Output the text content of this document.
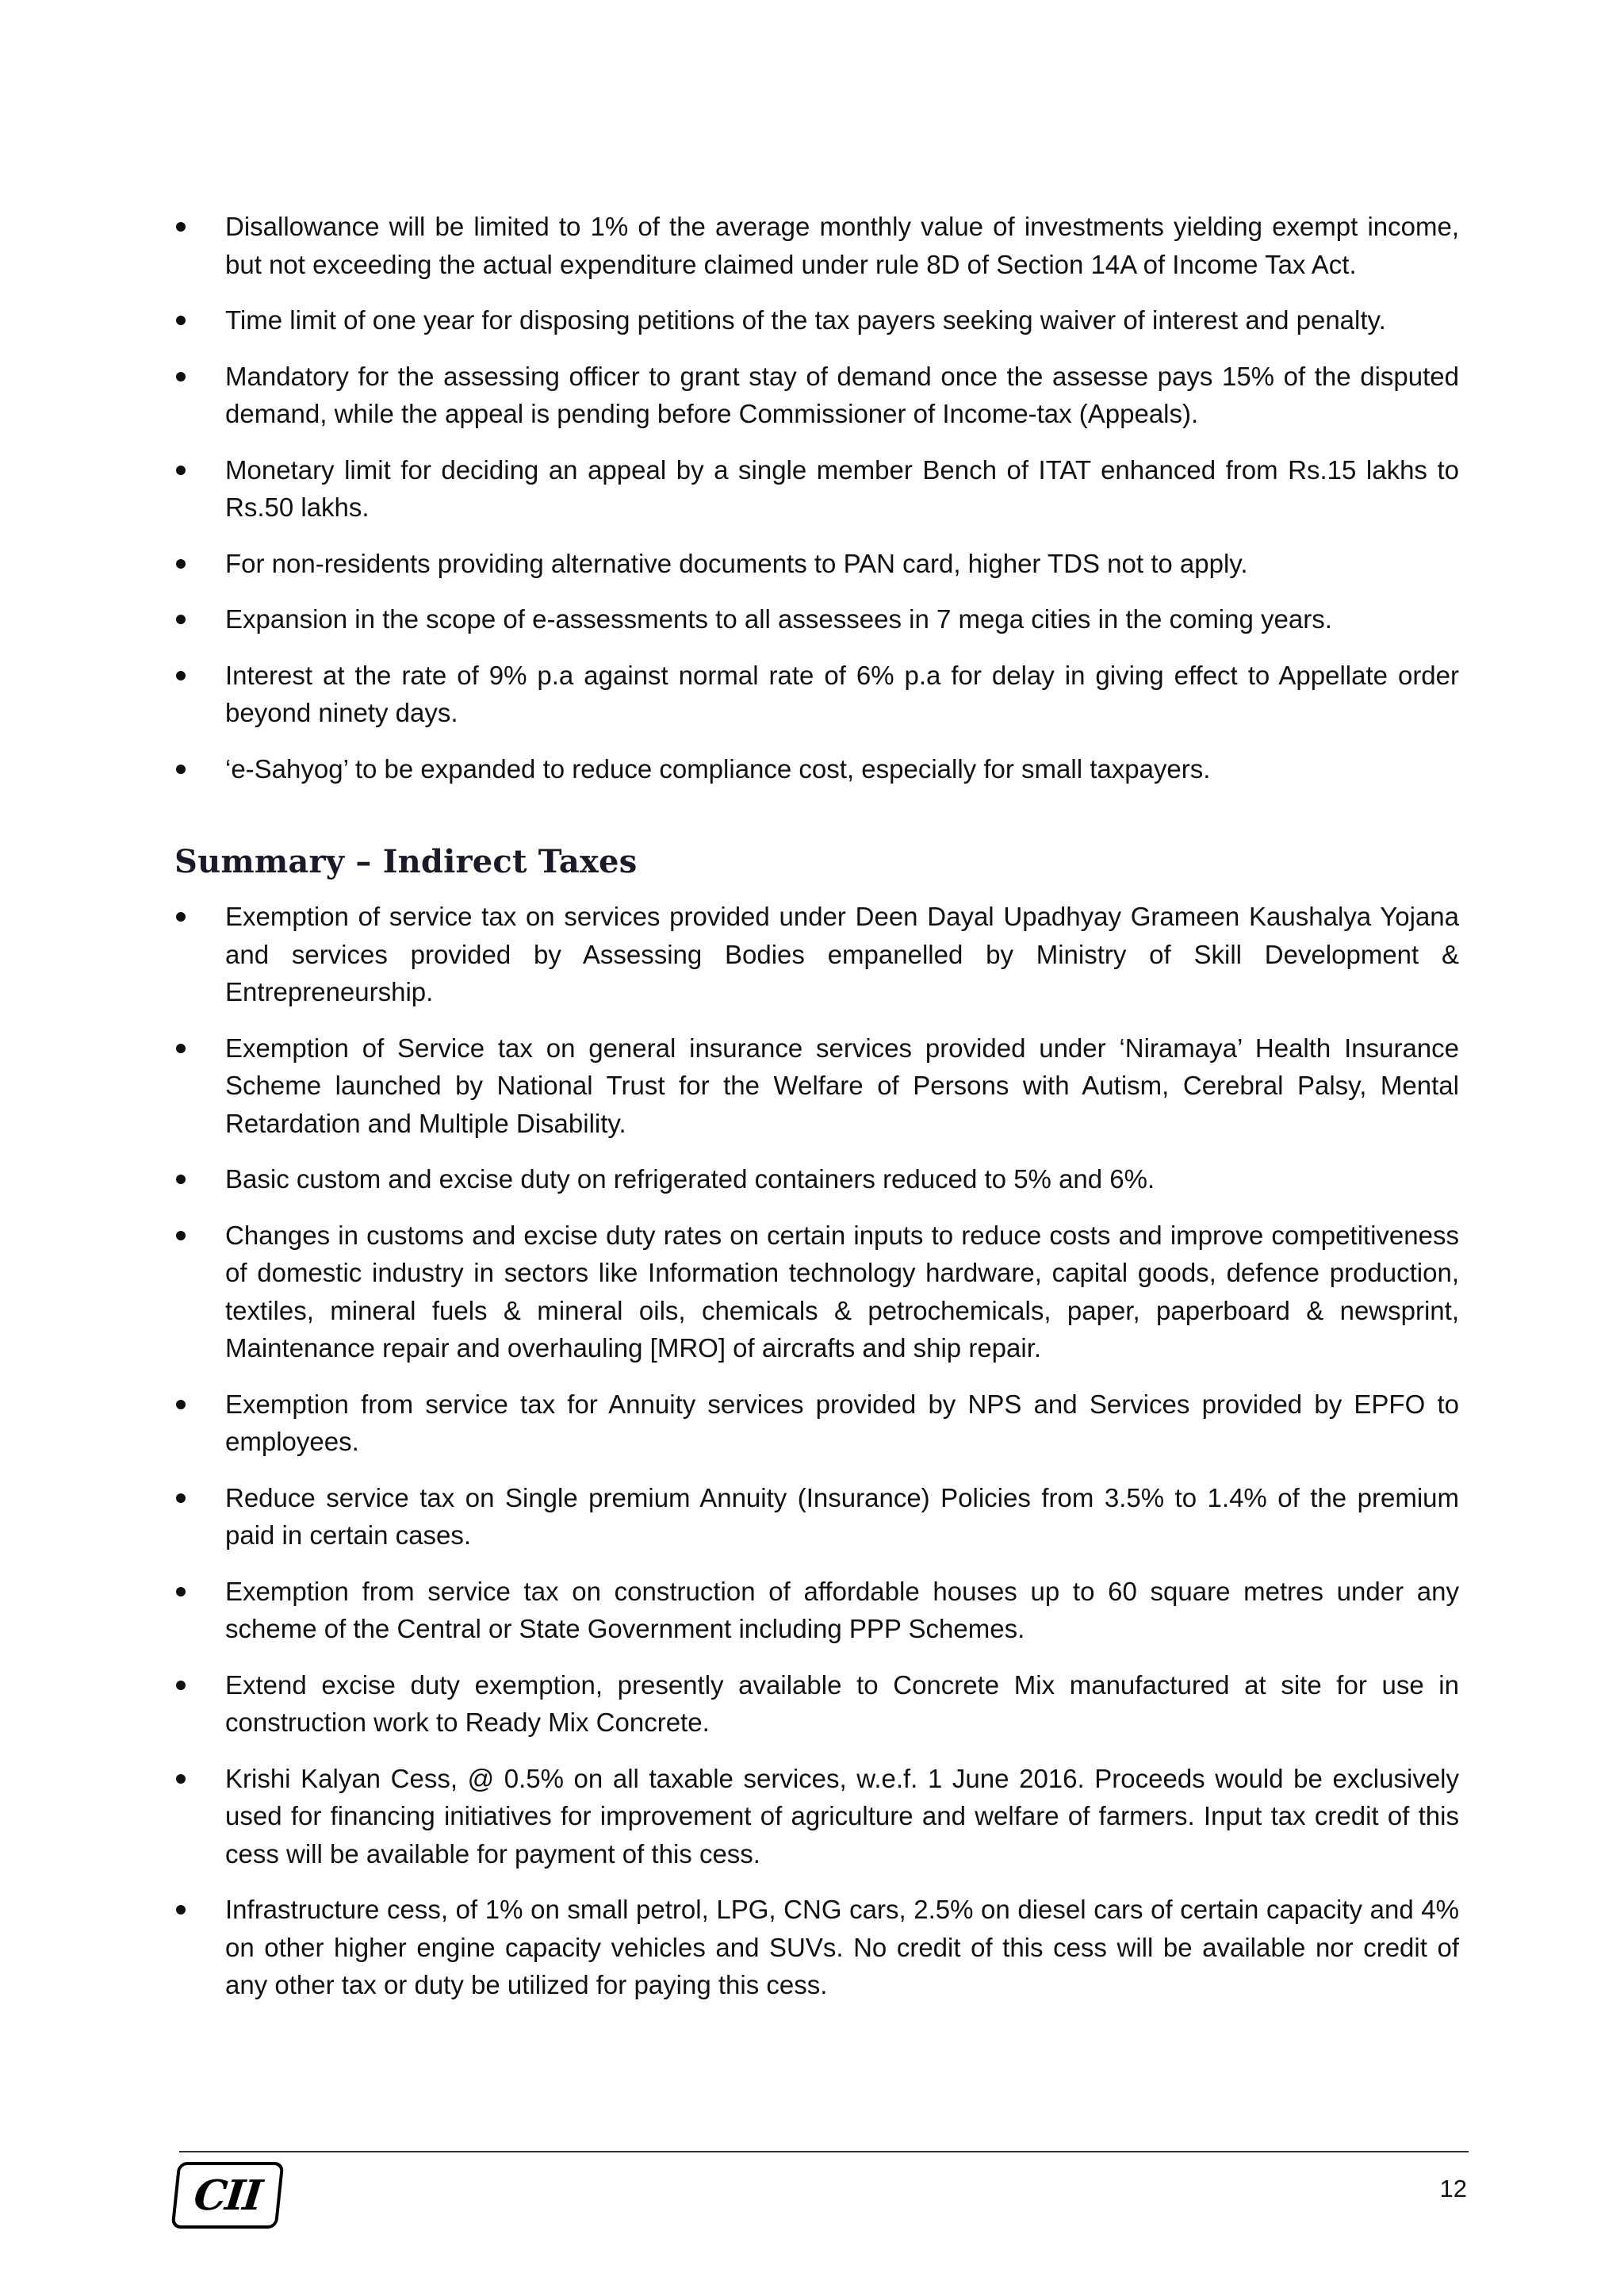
Disallowance will be limited to 1% of the average monthly value of investments yielding exempt income, but not exceeding the actual expenditure claimed under rule 8D of Section 14A of Income Tax Act.
Time limit of one year for disposing petitions of the tax payers seeking waiver of interest and penalty.
Mandatory for the assessing officer to grant stay of demand once the assesse pays 15% of the disputed demand, while the appeal is pending before Commissioner of Income-tax (Appeals).
Monetary limit for deciding an appeal by a single member Bench of ITAT enhanced from Rs.15 lakhs to Rs.50 lakhs.
For non-residents providing alternative documents to PAN card, higher TDS not to apply.
Expansion in the scope of e-assessments to all assessees in 7 mega cities in the coming years.
Interest at the rate of 9% p.a against normal rate of 6% p.a for delay in giving effect to Appellate order beyond ninety days.
‘e-Sahyog’ to be expanded to reduce compliance cost, especially for small taxpayers.
Summary – Indirect Taxes
Exemption of service tax on services provided under Deen Dayal Upadhyay Grameen Kaushalya Yojana and services provided by Assessing Bodies empanelled by Ministry of Skill Development & Entrepreneurship.
Exemption of Service tax on general insurance services provided under ‘Niramaya’ Health Insurance Scheme launched by National Trust for the Welfare of Persons with Autism, Cerebral Palsy, Mental Retardation and Multiple Disability.
Basic custom and excise duty on refrigerated containers reduced to 5% and 6%.
Changes in customs and excise duty rates on certain inputs to reduce costs and improve competitiveness of domestic industry in sectors like Information technology hardware, capital goods, defence production, textiles, mineral fuels & mineral oils, chemicals & petrochemicals, paper, paperboard & newsprint, Maintenance repair and overhauling [MRO] of aircrafts and ship repair.
Exemption from service tax for Annuity services provided by NPS and Services provided by EPFO to employees.
Reduce service tax on Single premium Annuity (Insurance) Policies from 3.5% to 1.4% of the premium paid in certain cases.
Exemption from service tax on construction of affordable houses up to 60 square metres under any scheme of the Central or State Government including PPP Schemes.
Extend excise duty exemption, presently available to Concrete Mix manufactured at site for use in construction work to Ready Mix Concrete.
Krishi Kalyan Cess, @ 0.5% on all taxable services, w.e.f. 1 June 2016. Proceeds would be exclusively used for financing initiatives for improvement of agriculture and welfare of farmers. Input tax credit of this cess will be available for payment of this cess.
Infrastructure cess, of 1% on small petrol, LPG, CNG cars, 2.5% on diesel cars of certain capacity and 4% on other higher engine capacity vehicles and SUVs. No credit of this cess will be available nor credit of any other tax or duty be utilized for paying this cess.
CII	12
